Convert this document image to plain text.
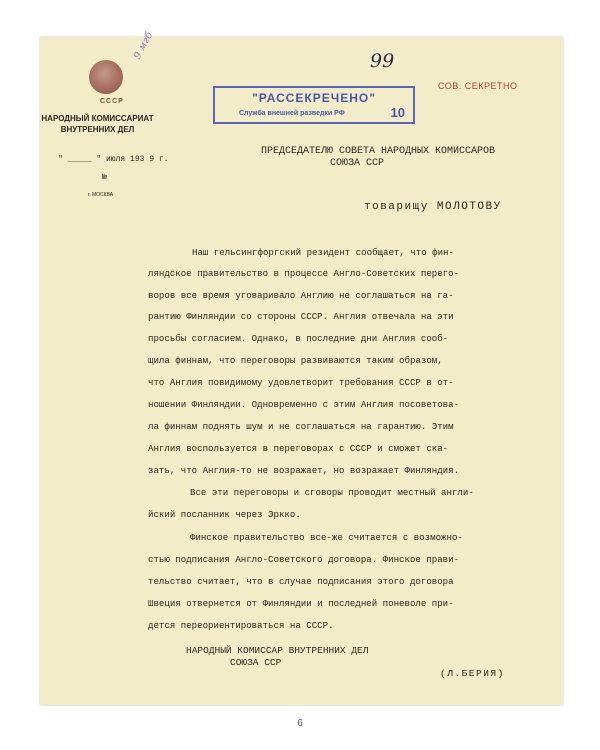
СССР
НАРОДНЫЙ КОМИССАРИАТ
ВНУТРЕННИХ ДЕЛ
9 мгб
" _____ " июля 193 9 г.
№
г. МОСКВА
"РАССЕКРЕЧЕНО"
Служба внешней разведки РФ	10
99
СОВ. СЕКРЕТНО
ПРЕДСЕДАТЕЛЮ СОВЕТА НАРОДНЫХ КОМИССАРОВ
СОЮЗА ССР
товарищу МОЛОТОВУ
Наш гельсингфоргский резидент сообщает, что фин-
ляндское правительство в процессе Англо-Советских перего-
воров все время уговаривало Англию не соглашаться на га-
рантию Финляндии со стороны СССР. Англия отвечала на эти
просьбы согласием. Однако, в последние дни Англия сооб-
щила финнам, что переговоры развиваются таким образом,
что Англия повидимому удовлетворит требования СССР в от-
ношении Финляндии. Одновременно с этим Англия посоветова-
ла финнам поднять шум и не соглашаться на гарантию. Этим
Англия воспользуется в переговорах с СССР и сможет ска-
зать, что Англия-то не возражает, но возражает Финляндия.
Все эти переговоры и сговоры проводит местный англи-
йский посланник через Эркко.
Финское правительство все-же считается с возможно-
стью подписания Англо-Советского договора. Финское прави-
тельство считает, что в случае подписания этого договора
Швеция отвернется от Финляндии и последней поневоле при-
дется переориентироваться на СССР.
НАРОДНЫЙ КОМИССАР ВНУТРЕННИХ ДЕЛ
СОЮЗА ССР
(Л.БЕРИЯ)
6
